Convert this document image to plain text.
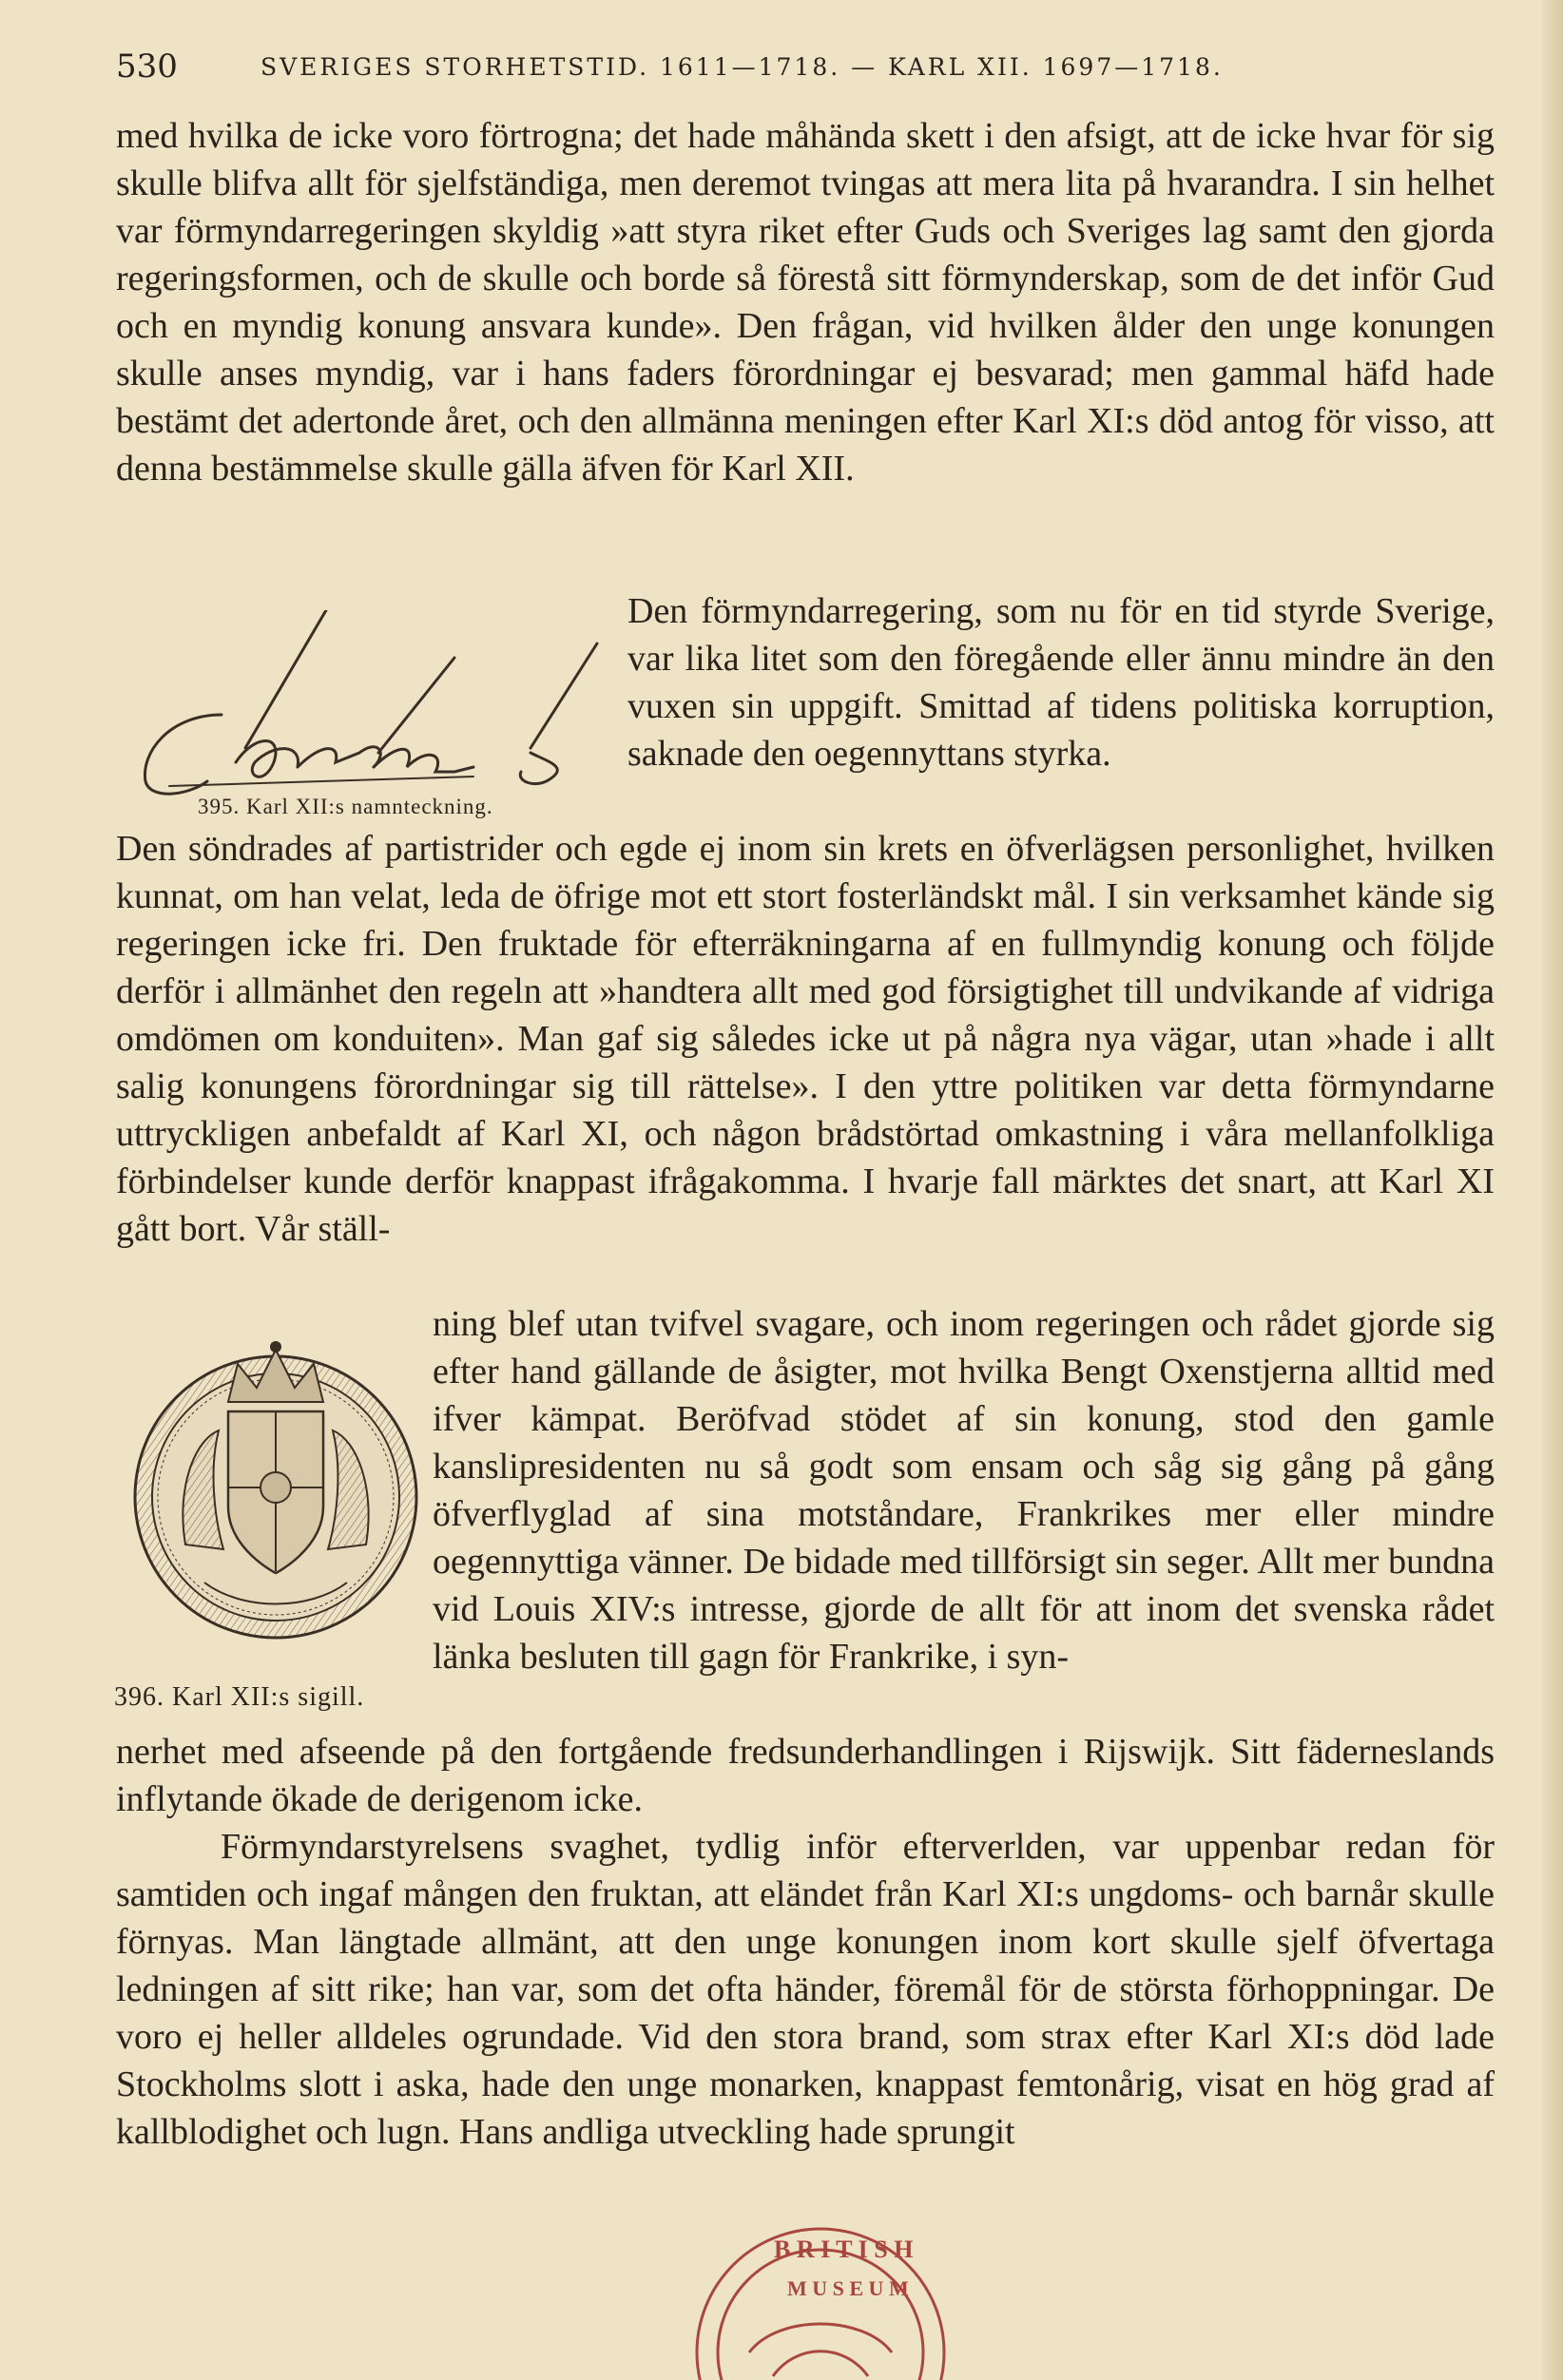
530	SVERIGES STORHETSTID. 1611—1718. — KARL XII. 1697—1718.

med hvilka de icke voro förtrogna; det hade måhända skett i den afsigt, att de icke hvar för sig skulle blifva allt för sjelfständiga, men deremot tvingas att mera lita på hvarandra. I sin helhet var förmyndarregeringen skyldig »att styra riket efter Guds och Sveriges lag samt den gjorda regeringsformen, och de skulle och borde så förestå sitt förmynderskap, som de det inför Gud och en myndig konung ansvara kunde». Den frågan, vid hvilken ålder den unge konungen skulle anses myndig, var i hans faders förordningar ej besvarad; men gammal häfd hade bestämt det adertonde året, och den allmänna meningen efter Karl XI:s död antog för visso, att denna bestämmelse skulle gälla äfven för Karl XII.

395. Karl XII:s namnteckning.

Den förmyndarregering, som nu för en tid styrde Sverige, var lika litet som den föregående eller ännu mindre än den vuxen sin uppgift. Smittad af tidens politiska korruption, saknade den oegennyttans styrka.

Den söndrades af partistrider och egde ej inom sin krets en öfverlägsen personlighet, hvilken kunnat, om han velat, leda de öfrige mot ett stort fosterländskt mål. I sin verksamhet kände sig regeringen icke fri. Den fruktade för efterräkningarna af en fullmyndig konung och följde derför i allmänhet den regeln att »handtera allt med god försigtighet till undvikande af vidriga omdömen om konduiten». Man gaf sig således icke ut på några nya vägar, utan »hade i allt salig konungens förordningar sig till rättelse». I den yttre politiken var detta förmyndarne uttryckligen anbefaldt af Karl XI, och någon brådstörtad omkastning i våra mellanfolkliga förbindelser kunde derför knappast ifrågakomma. I hvarje fall märktes det snart, att Karl XI gått bort. Vår ställ-

396. Karl XII:s sigill.

ning blef utan tvifvel svagare, och inom regeringen och rådet gjorde sig efter hand gällande de åsigter, mot hvilka Bengt Oxenstjerna alltid med ifver kämpat. Beröfvad stödet af sin konung, stod den gamle kanslipresidenten nu så godt som ensam och såg sig gång på gång öfverflyglad af sina motståndare, Frankrikes mer eller mindre oegennyttiga vänner. De bidade med tillförsigt sin seger. Allt mer bundna vid Louis XIV:s intresse, gjorde de allt för att inom det svenska rådet länka besluten till gagn för Frankrike, i syn-

nerhet med afseende på den fortgående fredsunderhandlingen i Rijswijk. Sitt fäderneslands inflytande ökade de derigenom icke.

Förmyndarstyrelsens svaghet, tydlig inför efterverlden, var uppenbar redan för samtiden och ingaf mången den fruktan, att eländet från Karl XI:s ungdoms- och barnår skulle förnyas. Man längtade allmänt, att den unge konungen inom kort skulle sjelf öfvertaga ledningen af sitt rike; han var, som det ofta händer, föremål för de största förhoppningar. De voro ej heller alldeles ogrundade. Vid den stora brand, som strax efter Karl XI:s död lade Stockholms slott i aska, hade den unge monarken, knappast femtonårig, visat en hög grad af kallblodighet och lugn. Hans andliga utveckling hade sprungit

B R I T I S H
M U S E U M
